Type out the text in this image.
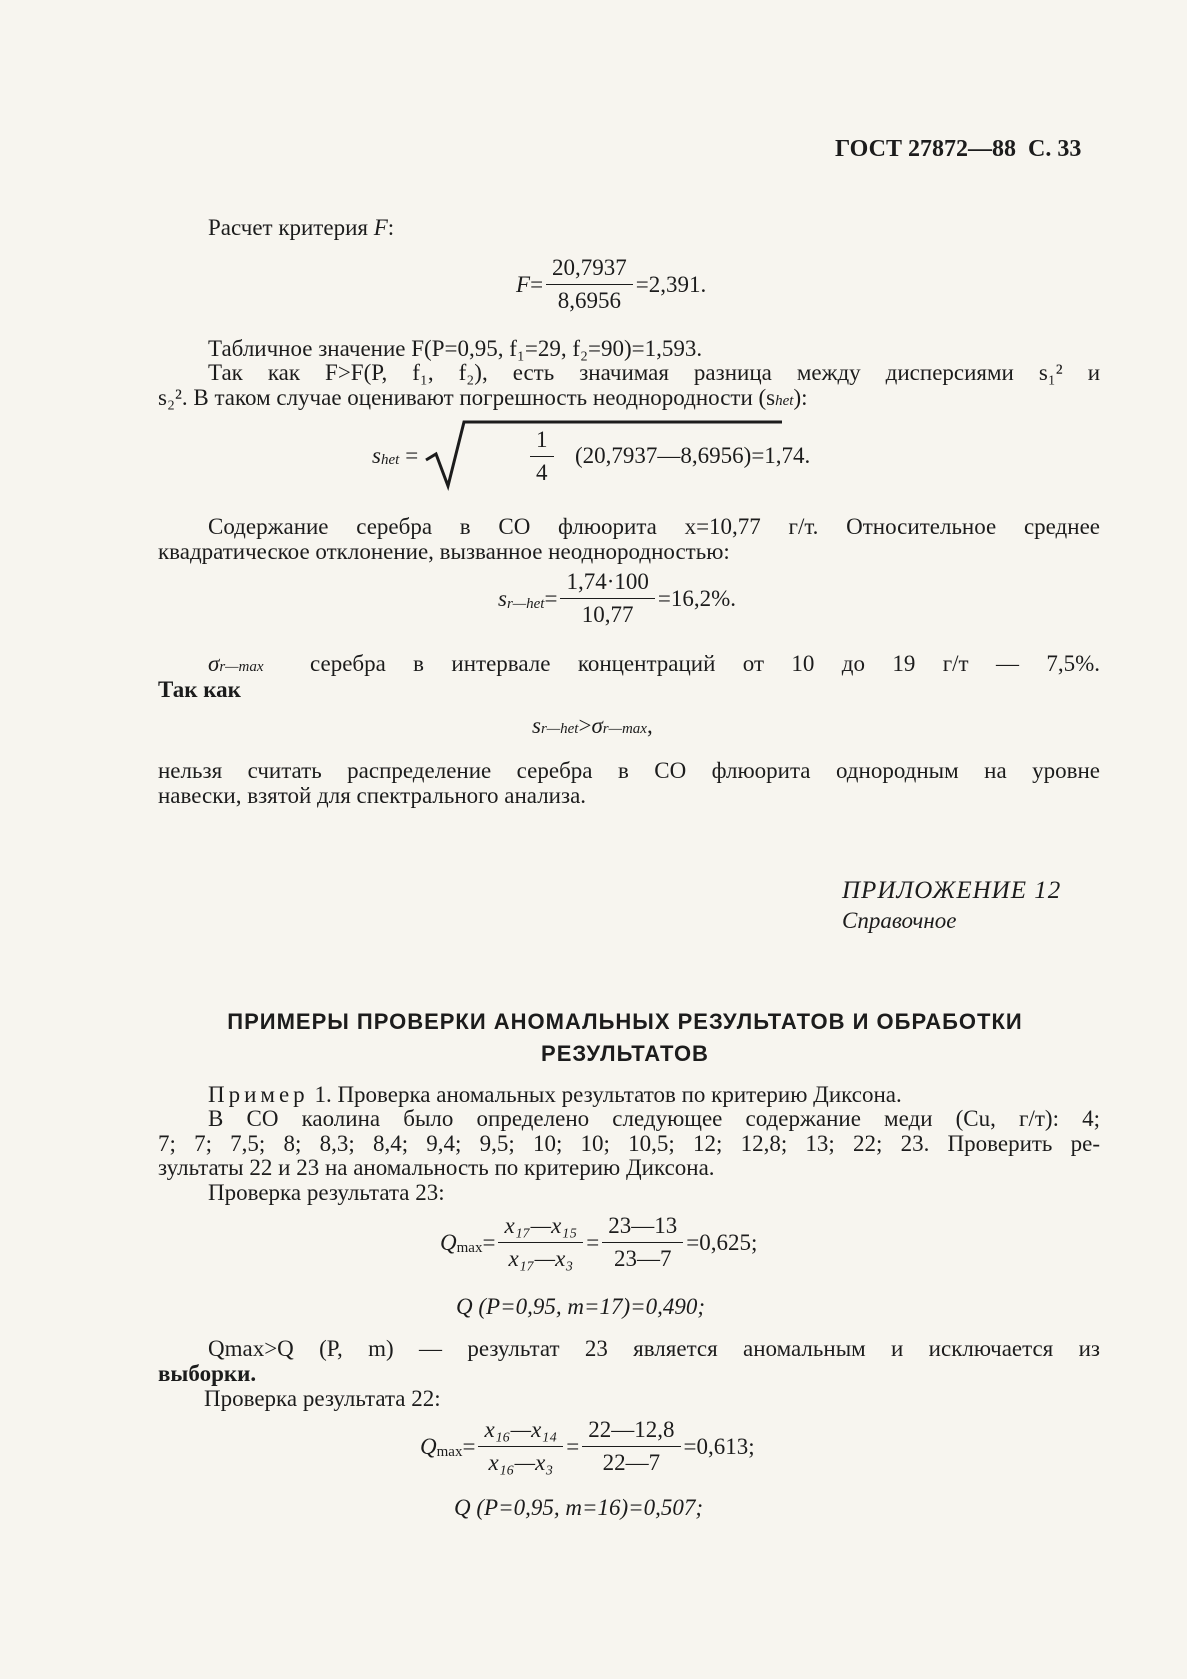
ГОСТ 27872—88 С. 33
Расчет критерия F:
$F = \frac{20,7937}{8,6956} =2,391$.
Табличное значение F(P=0,95, f₁=29, f₂=90)=1,593.
Так как F>F(P, f₁, f₂), есть значимая разница между дисперсиями s₁² и
s₂². В таком случае оценивают погрешность неоднородности (shet):
s het =	$\frac{1}{4}$ (20,7937—8,6956)=1,74.
Содержание серебра в СО флюорита x=10,77 г/т. Относительное среднее
квадратическое отклонение, вызванное неоднородностью:
s r—het = $\frac{1,74\cdot 100}{10,77} =16,2\%$.
σr—max серебра в интервале концентраций от 10 до 19 г/т — 7,5%.
Так как
sr—het>σr—max,
нельзя считать распределение серебра в СО флюорита однородным на уровне
навески, взятой для спектрального анализа.
ПРИЛОЖЕНИЕ 12
Справочное
ПРИМЕРЫ ПРОВЕРКИ АНОМАЛЬНЫХ РЕЗУЛЬТАТОВ И ОБРАБОТКИ
РЕЗУЛЬТАТОВ
Пример 1. Проверка аномальных результатов по критерию Диксона.
В СО каолина было определено следующее содержание меди (Cu, г/т): 4;
7; 7; 7,5; 8; 8,3; 8,4; 9,4; 9,5; 10; 10; 10,5; 12; 12,8; 13; 22; 23. Проверить ре-
зультаты 22 и 23 на аномальность по критерию Диксона.
Проверка результата 23:
Q $\max = \frac{\text{x₁₇—x₁₅}}{\text{x₁₇—x₃}} = \frac{23—13}{23—7} =0,625$;
Q (P=0,95, m=17)=0,490;
Qmax>Q (P, m) — результат 23 является аномальным и исключается из
выборки.
Проверка результата 22:
Q $\max = \frac{\text{x₁₆—x₁₄}}{\text{x₁₆—x₃}} = \frac{22—12,8}{22—7} =0,613$;
Q (P=0,95, m=16)=0,507;
